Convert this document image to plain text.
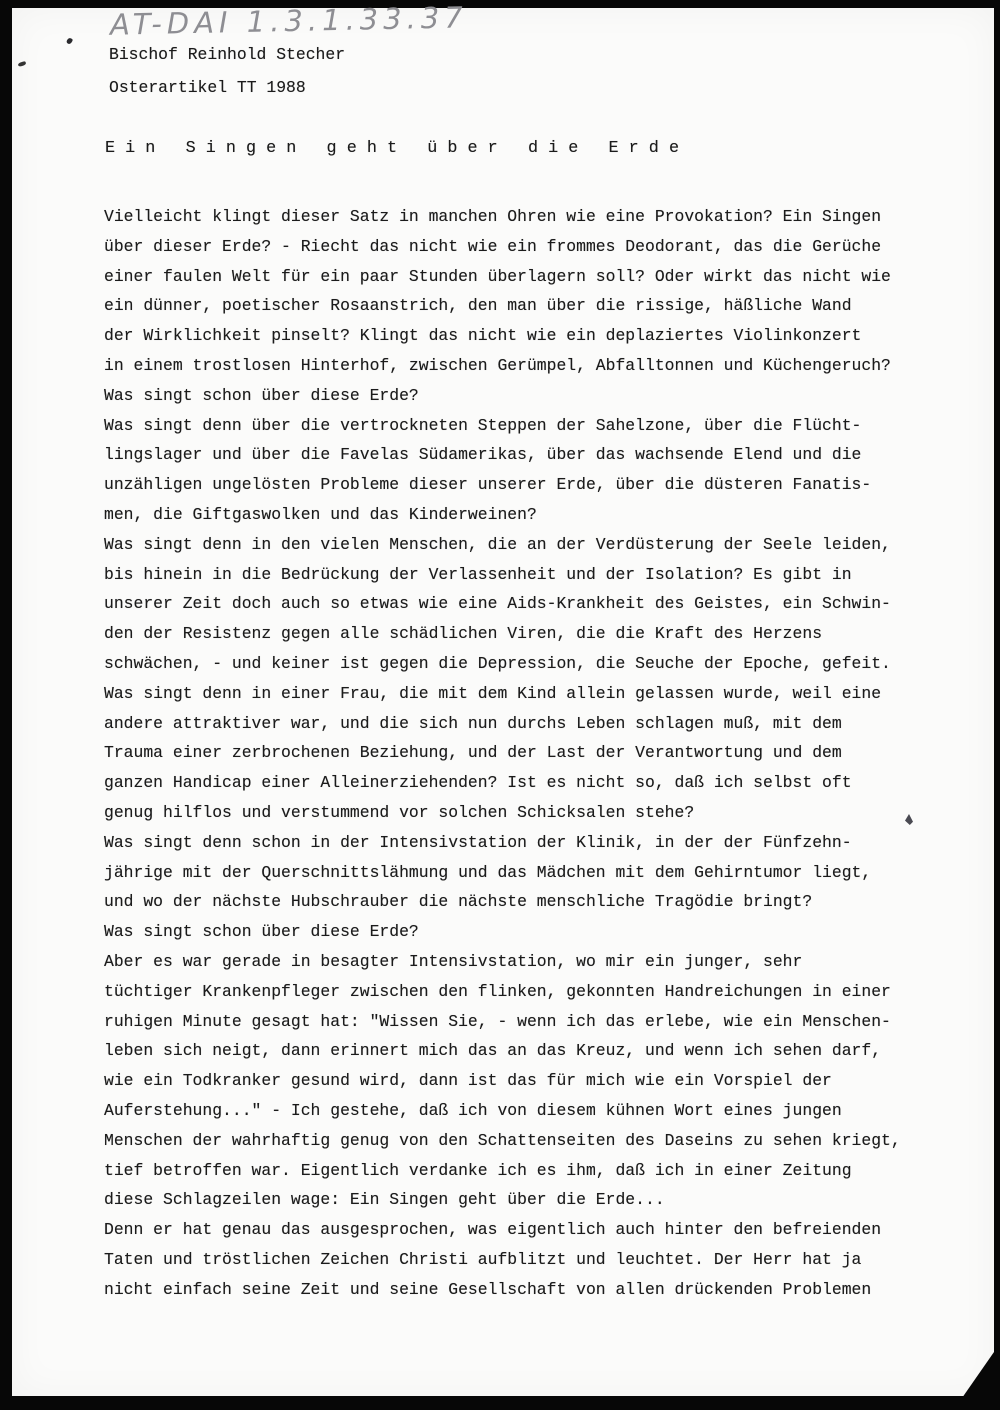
AT-DAI 1.3.1.33.37
Bischof Reinhold Stecher
Osterartikel TT 1988
E i n   S i n g e n   g e h t   ü b e r   d i e   E r d e
Vielleicht klingt dieser Satz in manchen Ohren wie eine Provokation? Ein Singen
über dieser Erde? - Riecht das nicht wie ein frommes Deodorant, das die Gerüche
einer faulen Welt für ein paar Stunden überlagern soll? Oder wirkt das nicht wie
ein dünner, poetischer Rosaanstrich, den man über die rissige, häßliche Wand
der Wirklichkeit pinselt? Klingt das nicht wie ein deplaziertes Violinkonzert
in einem trostlosen Hinterhof, zwischen Gerümpel, Abfalltonnen und Küchengeruch?
Was singt schon über diese Erde?
Was singt denn über die vertrockneten Steppen der Sahelzone, über die Flücht-
lingslager und über die Favelas Südamerikas, über das wachsende Elend und die
unzähligen ungelösten Probleme dieser unserer Erde, über die düsteren Fanatis-
men, die Giftgaswolken und das Kinderweinen?
Was singt denn in den vielen Menschen, die an der Verdüsterung der Seele leiden,
bis hinein in die Bedrückung der Verlassenheit und der Isolation? Es gibt in
unserer Zeit doch auch so etwas wie eine Aids-Krankheit des Geistes, ein Schwin-
den der Resistenz gegen alle schädlichen Viren, die die Kraft des Herzens
schwächen, - und keiner ist gegen die Depression, die Seuche der Epoche, gefeit.
Was singt denn in einer Frau, die mit dem Kind allein gelassen wurde, weil eine
andere attraktiver war, und die sich nun durchs Leben schlagen muß, mit dem
Trauma einer zerbrochenen Beziehung, und der Last der Verantwortung und dem
ganzen Handicap einer Alleinerziehenden? Ist es nicht so, daß ich selbst oft
genug hilflos und verstummend vor solchen Schicksalen stehe?
Was singt denn schon in der Intensivstation der Klinik, in der der Fünfzehn-
jährige mit der Querschnittslähmung und das Mädchen mit dem Gehirntumor liegt,
und wo der nächste Hubschrauber die nächste menschliche Tragödie bringt?
Was singt schon über diese Erde?
Aber es war gerade in besagter Intensivstation, wo mir ein junger, sehr
tüchtiger Krankenpfleger zwischen den flinken, gekonnten Handreichungen in einer
ruhigen Minute gesagt hat: "Wissen Sie, - wenn ich das erlebe, wie ein Menschen-
leben sich neigt, dann erinnert mich das an das Kreuz, und wenn ich sehen darf,
wie ein Todkranker gesund wird, dann ist das für mich wie ein Vorspiel der
Auferstehung..." - Ich gestehe, daß ich von diesem kühnen Wort eines jungen
Menschen der wahrhaftig genug von den Schattenseiten des Daseins zu sehen kriegt,
tief betroffen war. Eigentlich verdanke ich es ihm, daß ich in einer Zeitung
diese Schlagzeilen wage: Ein Singen geht über die Erde...
Denn er hat genau das ausgesprochen, was eigentlich auch hinter den befreienden
Taten und tröstlichen Zeichen Christi aufblitzt und leuchtet. Der Herr hat ja
nicht einfach seine Zeit und seine Gesellschaft von allen drückenden Problemen
